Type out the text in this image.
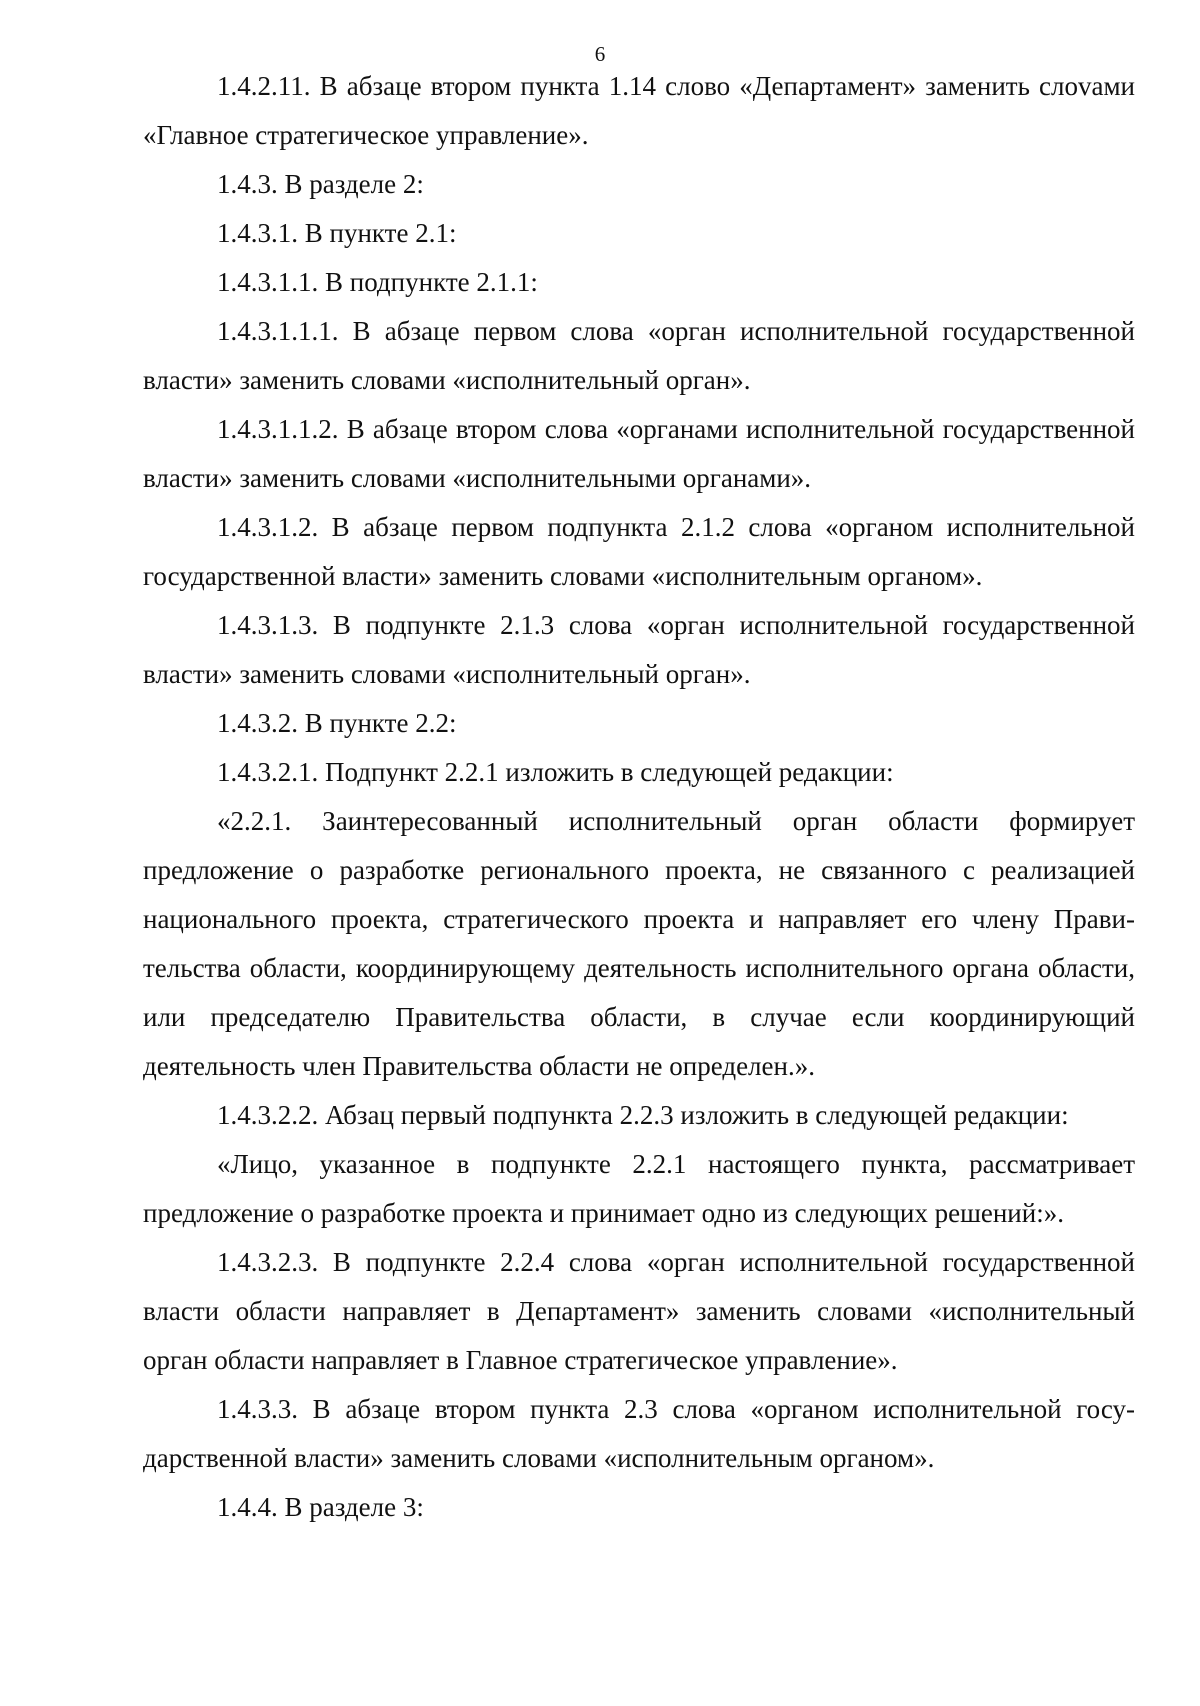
6

1.4.2.11. В абзаце втором пункта 1.14 слово «Департамент» заменить слоvами «Главное стратегическое управление».

1.4.3. В разделе 2:

1.4.3.1. В пункте 2.1:

1.4.3.1.1. В подпункте 2.1.1:

1.4.3.1.1.1. В абзаце первом слова «орган исполнительной государственной власти» заменить словами «исполнительный орган».

1.4.3.1.1.2. В абзаце втором слова «органами исполнительной государственной власти» заменить словами «исполнительными органами».

1.4.3.1.2. В абзаце первом подпункта 2.1.2 слова «органом исполнительной государственной власти» заменить словами «исполнительным органом».

1.4.3.1.3. В подпункте 2.1.3 слова «орган исполнительной государственной власти» заменить словами «исполнительный орган».

1.4.3.2. В пункте 2.2:

1.4.3.2.1. Подпункт 2.2.1 изложить в следующей редакции:

«2.2.1. Заинтересованный исполнительный орган области формирует предложение о разработке регионального проекта, не связанного с реализацией национального проекта, стратегического проекта и направляет его члену Правительства области, координирующему деятельность исполнительного органа области, или председателю Правительства области, в случае если координирующий деятельность член Правительства области не определен.».

1.4.3.2.2. Абзац первый подпункта 2.2.3 изложить в следующей редакции:

«Лицо, указанное в подпункте 2.2.1 настоящего пункта, рассматривает предложение о разработке проекта и принимает одно из следующих решений:».

1.4.3.2.3. В подпункте 2.2.4 слова «орган исполнительной государственной власти области направляет в Департамент» заменить словами «исполнительный орган области направляет в Главное стратегическое управление».

1.4.3.3. В абзаце втором пункта 2.3 слова «органом исполнительной государственной власти» заменить словами «исполнительным органом».

1.4.4. В разделе 3:
